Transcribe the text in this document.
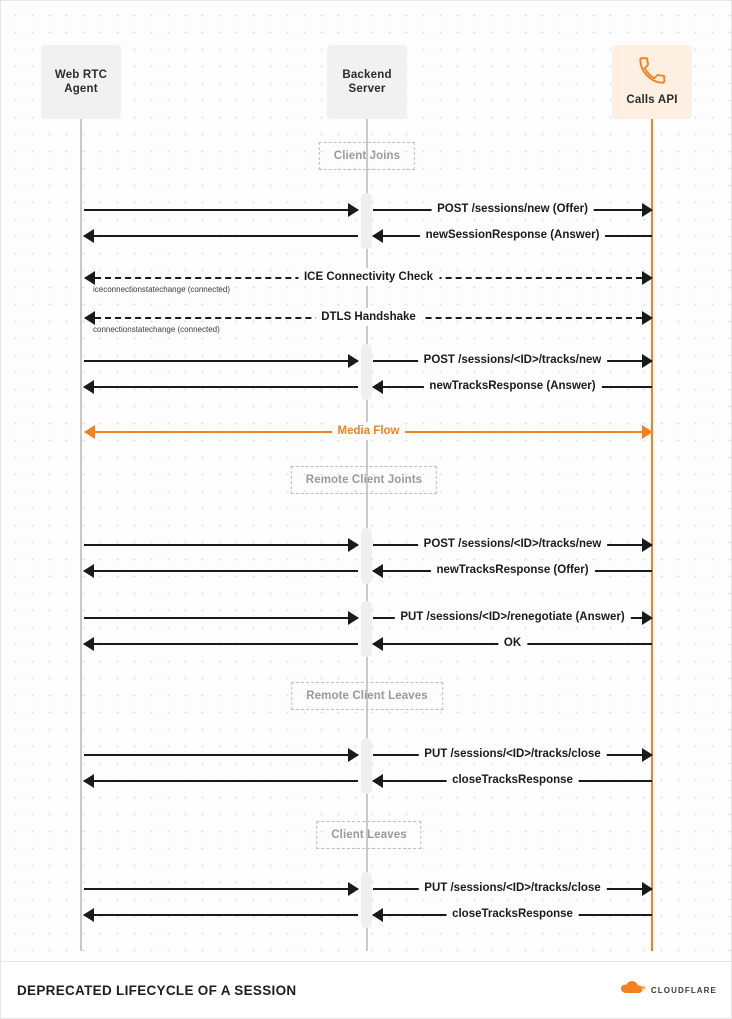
Web RTC
Agent
Backend
Server
Calls API
Client Joins
Remote Client Joints
Remote Client Leaves
Client Leaves
POST /sessions/new (Offer)
newSessionResponse (Answer)
ICE Connectivity Check
iceconnectionstatechange (connected)
DTLS Handshake
connectionstatechange (connected)
POST /sessions/<ID>/tracks/new
newTracksResponse (Answer)
Media Flow
POST /sessions/<ID>/tracks/new
newTracksResponse (Offer)
PUT /sessions/<ID>/renegotiate (Answer)
OK
PUT /sessions/<ID>/tracks/close
closeTracksResponse
PUT /sessions/<ID>/tracks/close
closeTracksResponse
DEPRECATED LIFECYCLE OF A SESSION	CLOUDFLARE
